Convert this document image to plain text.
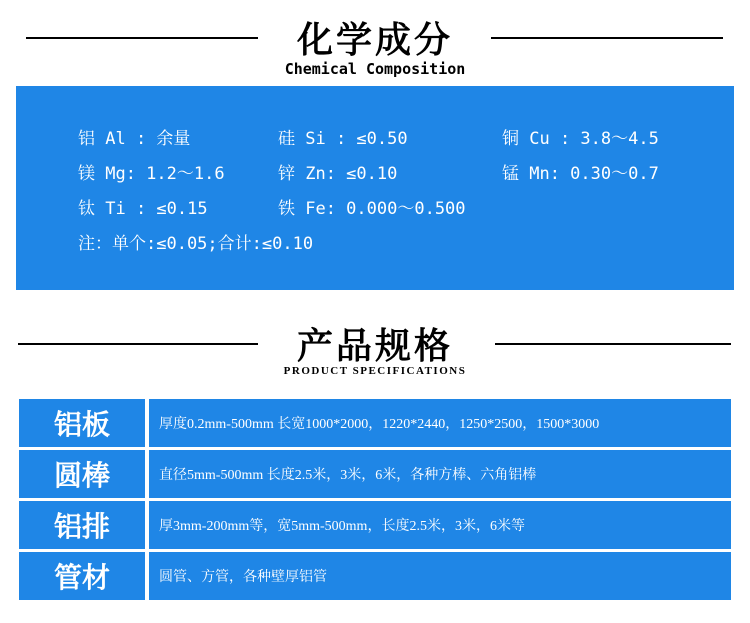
化学成分
Chemical Composition
铝 Al : 余量	硅 Si : ≤0.50	铜 Cu : 3.8～4.5
镁 Mg: 1.2～1.6	锌 Zn: ≤0.10	锰 Mn: 0.30～0.7
钛 Ti : ≤0.15	铁 Fe: 0.000～0.500
注：单个:≤0.05;合计:≤0.10
产品规格
PRODUCT SPECIFICATIONS
铝板	厚度0.2mm-500mm 长宽1000*2000，1220*2440，1250*2500，1500*3000
圆棒	直径5mm-500mm 长度2.5米，3米，6米，各种方棒、六角铝棒
铝排	厚3mm-200mm等，宽5mm-500mm，长度2.5米，3米，6米等
管材	圆管、方管，各种壁厚铝管
